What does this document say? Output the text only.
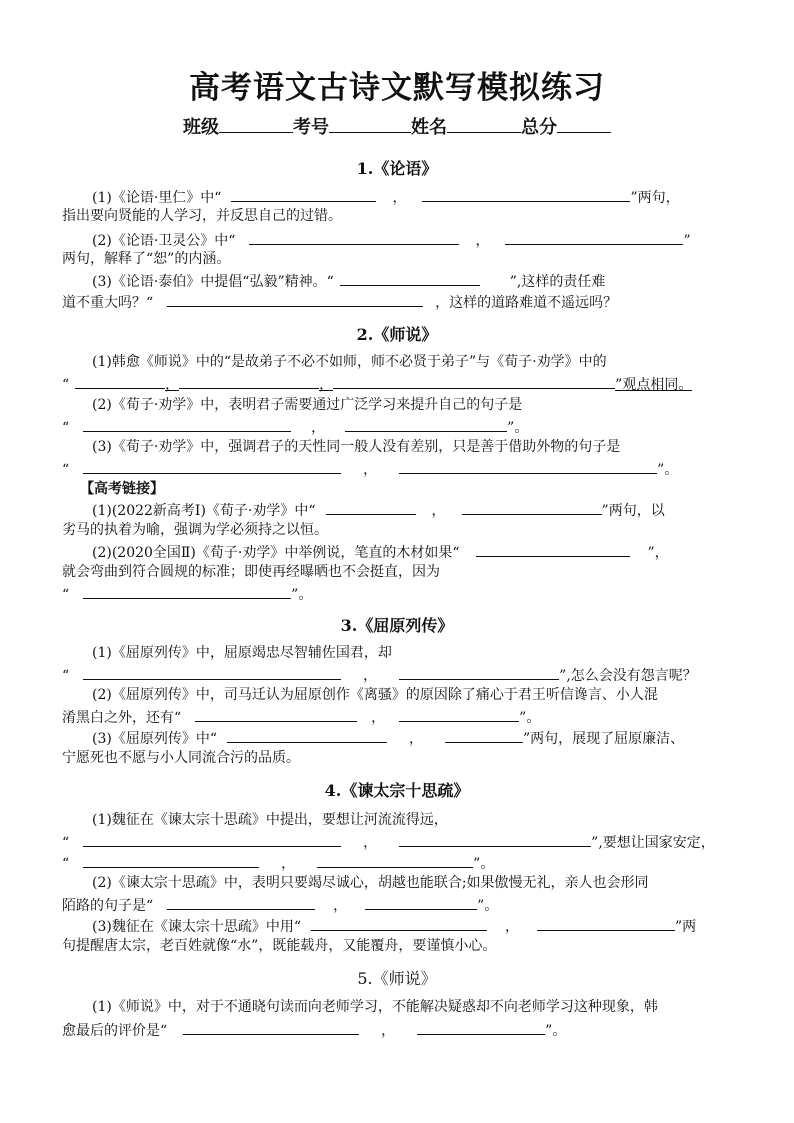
高考语文古诗文默写模拟练习
班级	考号	姓名	总分
1.《论语》
(1)《论语·里仁》中“	，	”两句，
指出要向贤能的人学习，并反思自己的过错。
(2)《论语·卫灵公》中“	，	”
两句，解释了“恕”的内涵。
(3)《论语·泰伯》中提倡“弘毅”精神。“	”,这样的责任难
道不重大吗？“	，这样的道路难道不遥远吗？
2.《师说》
(1)韩愈《师说》中的“是故弟子不必不如师，师不必贤于弟子”与《荀子·劝学》中的
“	，	，	”观点相同。
(2)《荀子·劝学》中，表明君子需要通过广泛学习来提升自己的句子是
“	，	”。
(3)《荀子·劝学》中，强调君子的天性同一般人没有差别，只是善于借助外物的句子是
“	，	”。
【高考链接】
(1)(2022新高考Ⅰ)《荀子·劝学》中“	，	”两句，以
劣马的执着为喻，强调为学必须持之以恒。
(2)(2020全国Ⅱ)《荀子·劝学》中举例说，笔直的木材如果“	”，
就会弯曲到符合圆规的标准；即使再经曝晒也不会挺直，因为
“	”。
3.《屈原列传》
(1)《屈原列传》中，屈原竭忠尽智辅佐国君，却
“	，	”,怎么会没有怨言呢？
(2)《屈原列传》中，司马迁认为屈原创作《离骚》的原因除了痛心于君王听信谗言、小人混
淆黑白之外，还有“	，	”。
(3)《屈原列传》中“	，	”两句，展现了屈原廉洁、
宁愿死也不愿与小人同流合污的品质。
4.《谏太宗十思疏》
(1)魏征在《谏太宗十思疏》中提出，要想让河流流得远，
“	，	”,要想让国家安定，
“	，	”。
(2)《谏太宗十思疏》中，表明只要竭尽诚心，胡越也能联合;如果傲慢无礼，亲人也会形同
陌路的句子是“	，	”。
(3)魏征在《谏太宗十思疏》中用“	，	”两
句提醒唐太宗，老百姓就像“水”，既能载舟，又能覆舟，要谨慎小心。
5.《师说》
(1)《师说》中，对于不通晓句读而向老师学习，不能解决疑惑却不向老师学习这种现象，韩
愈最后的评价是“	，	”。
